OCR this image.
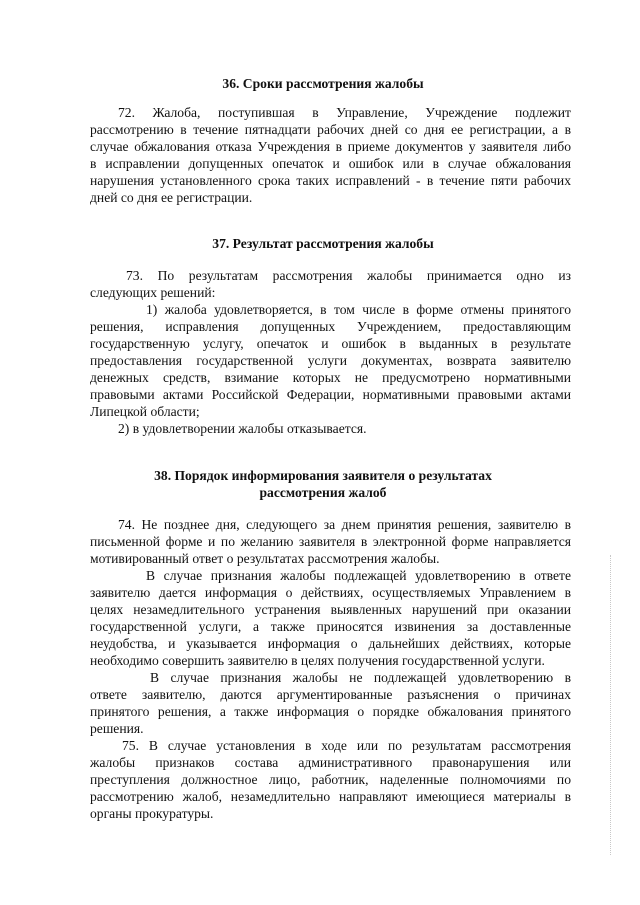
36. Сроки рассмотрения жалобы
72. Жалоба, поступившая в Управление, Учреждение подлежит
рассмотрению в течение пятнадцати рабочих дней со дня ее регистрации, а в
случае обжалования отказа Учреждения в приеме документов у заявителя либо
в исправлении допущенных опечаток и ошибок или в случае обжалования
нарушения установленного срока таких исправлений - в течение пяти рабочих
дней со дня ее регистрации.
37. Результат рассмотрения жалобы
73. По результатам рассмотрения жалобы принимается одно из
следующих решений:
1) жалоба удовлетворяется, в том числе в форме отмены принятого
решения, исправления допущенных Учреждением, предоставляющим
государственную услугу, опечаток и ошибок в выданных в результате
предоставления государственной услуги документах, возврата заявителю
денежных средств, взимание которых не предусмотрено нормативными
правовыми актами Российской Федерации, нормативными правовыми актами
Липецкой области;
2) в удовлетворении жалобы отказывается.
38. Порядок информирования заявителя о результатах
рассмотрения жалоб
74. Не позднее дня, следующего за днем принятия решения, заявителю в
письменной форме и по желанию заявителя в электронной форме направляется
мотивированный ответ о результатах рассмотрения жалобы.
В случае признания жалобы подлежащей удовлетворению в ответе
заявителю дается информация о действиях, осуществляемых Управлением в
целях незамедлительного устранения выявленных нарушений при оказании
государственной услуги, а также приносятся извинения за доставленные
неудобства, и указывается информация о дальнейших действиях, которые
необходимо совершить заявителю в целях получения государственной услуги.
В случае признания жалобы не подлежащей удовлетворению в
ответе заявителю, даются аргументированные разъяснения о причинах
принятого решения, а также информация о порядке обжалования принятого
решения.
75. В случае установления в ходе или по результатам рассмотрения
жалобы признаков состава административного правонарушения или
преступления должностное лицо, работник, наделенные полномочиями по
рассмотрению жалоб, незамедлительно направляют имеющиеся материалы в
органы прокуратуры.
